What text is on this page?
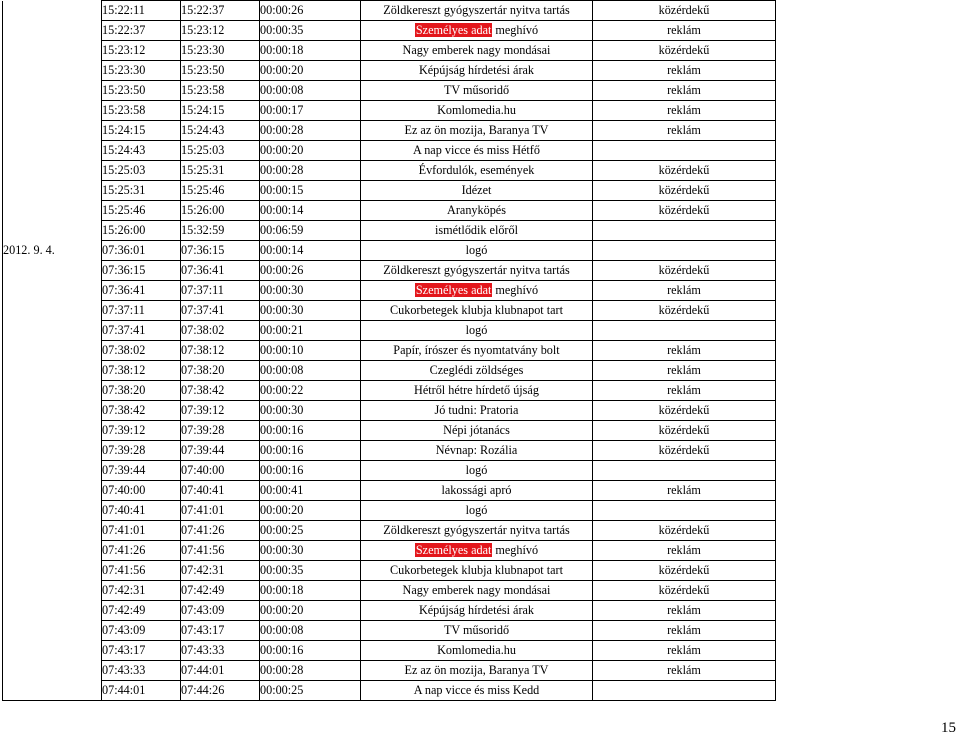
	15:22:11	15:22:37	00:00:26	Zöldkereszt gyógyszertár nyitva tartás	közérdekű
	15:22:37	15:23:12	00:00:35	Személyes adat meghívó	reklám
	15:23:12	15:23:30	00:00:18	Nagy emberek nagy mondásai	közérdekű
	15:23:30	15:23:50	00:00:20	Képújság hírdetési árak	reklám
	15:23:50	15:23:58	00:00:08	TV műsoridő	reklám
	15:23:58	15:24:15	00:00:17	Komlomedia.hu	reklám
	15:24:15	15:24:43	00:00:28	Ez az ön mozija, Baranya TV	reklám
	15:24:43	15:25:03	00:00:20	A nap vicce és miss Hétfő	
	15:25:03	15:25:31	00:00:28	Évfordulók, események	közérdekű
	15:25:31	15:25:46	00:00:15	Idézet	közérdekű
	15:25:46	15:26:00	00:00:14	Aranyköpés	közérdekű
	15:26:00	15:32:59	00:06:59	ismétlődik előről	
2012. 9. 4.	07:36:01	07:36:15	00:00:14	logó	
	07:36:15	07:36:41	00:00:26	Zöldkereszt gyógyszertár nyitva tartás	közérdekű
	07:36:41	07:37:11	00:00:30	Személyes adat meghívó	reklám
	07:37:11	07:37:41	00:00:30	Cukorbetegek klubja klubnapot tart	közérdekű
	07:37:41	07:38:02	00:00:21	logó	
	07:38:02	07:38:12	00:00:10	Papír, írószer és nyomtatvány bolt	reklám
	07:38:12	07:38:20	00:00:08	Czeglédi zöldséges	reklám
	07:38:20	07:38:42	00:00:22	Hétről hétre hírdető újság	reklám
	07:38:42	07:39:12	00:00:30	Jó tudni: Pratoria	közérdekű
	07:39:12	07:39:28	00:00:16	Népi jótanács	közérdekű
	07:39:28	07:39:44	00:00:16	Névnap: Rozália	közérdekű
	07:39:44	07:40:00	00:00:16	logó	
	07:40:00	07:40:41	00:00:41	lakossági apró	reklám
	07:40:41	07:41:01	00:00:20	logó	
	07:41:01	07:41:26	00:00:25	Zöldkereszt gyógyszertár nyitva tartás	közérdekű
	07:41:26	07:41:56	00:00:30	Személyes adat meghívó	reklám
	07:41:56	07:42:31	00:00:35	Cukorbetegek klubja klubnapot tart	közérdekű
	07:42:31	07:42:49	00:00:18	Nagy emberek nagy mondásai	közérdekű
	07:42:49	07:43:09	00:00:20	Képújság hírdetési árak	reklám
	07:43:09	07:43:17	00:00:08	TV műsoridő	reklám
	07:43:17	07:43:33	00:00:16	Komlomedia.hu	reklám
	07:43:33	07:44:01	00:00:28	Ez az ön mozija, Baranya TV	reklám
	07:44:01	07:44:26	00:00:25	A nap vicce és miss Kedd	
15
